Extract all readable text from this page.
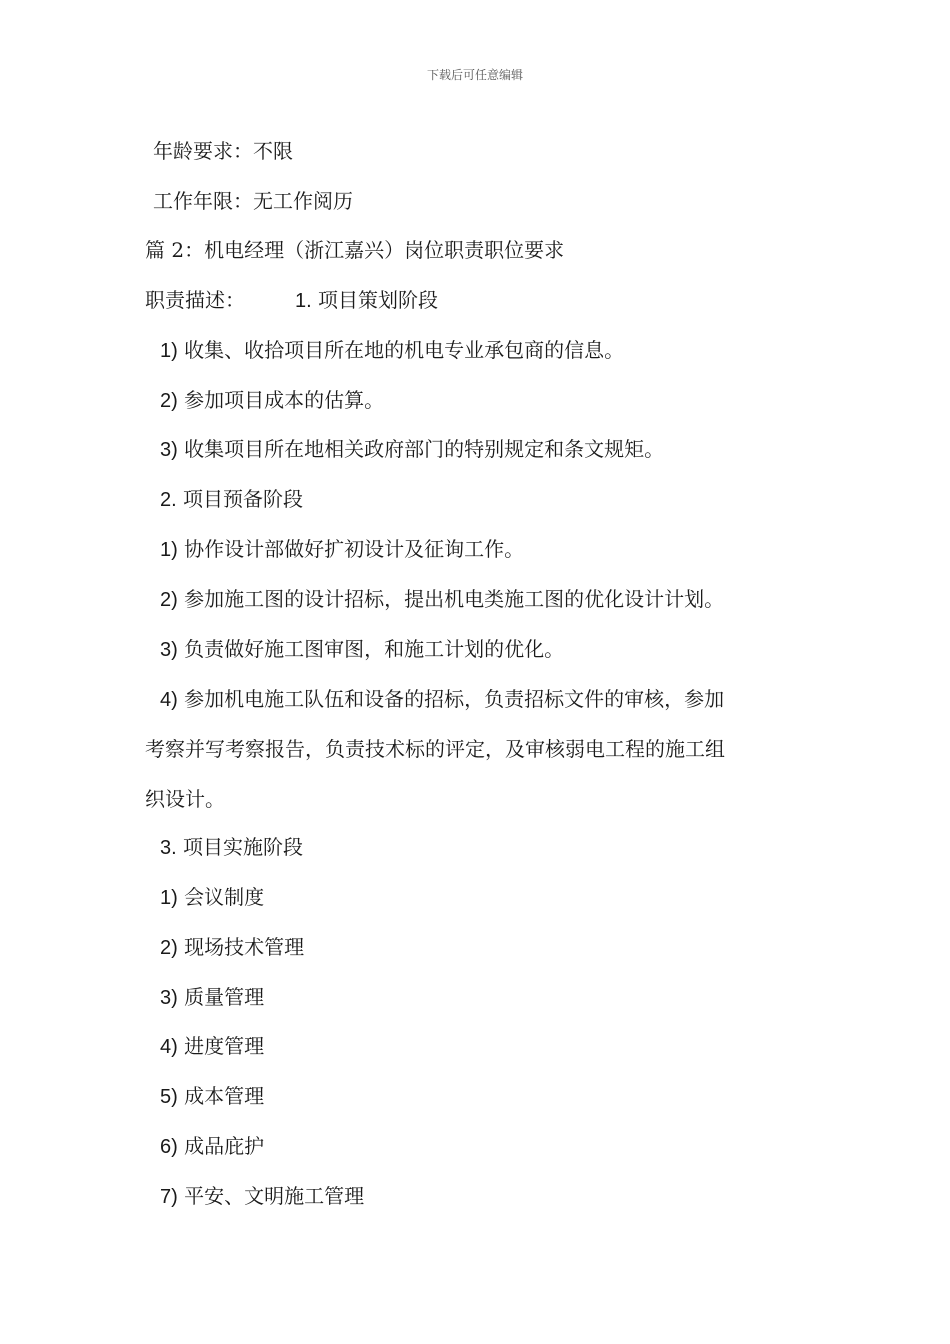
下载后可任意编辑
年龄要求：不限
工作年限：无工作阅历
篇 2：机电经理（浙江嘉兴）岗位职责职位要求
职责描述：	1. 项目策划阶段
1) 收集、收拾项目所在地的机电专业承包商的信息。
2) 参加项目成本的估算。
3) 收集项目所在地相关政府部门的特别规定和条文规矩。
2. 项目预备阶段
1) 协作设计部做好扩初设计及征询工作。
2) 参加施工图的设计招标，提出机电类施工图的优化设计计划。
3) 负责做好施工图审图，和施工计划的优化。
4) 参加机电施工队伍和设备的招标，负责招标文件的审核，参加
考察并写考察报告，负责技术标的评定，及审核弱电工程的施工组
织设计。
3. 项目实施阶段
1) 会议制度
2) 现场技术管理
3) 质量管理
4) 进度管理
5) 成本管理
6) 成品庇护
7) 平安、文明施工管理
